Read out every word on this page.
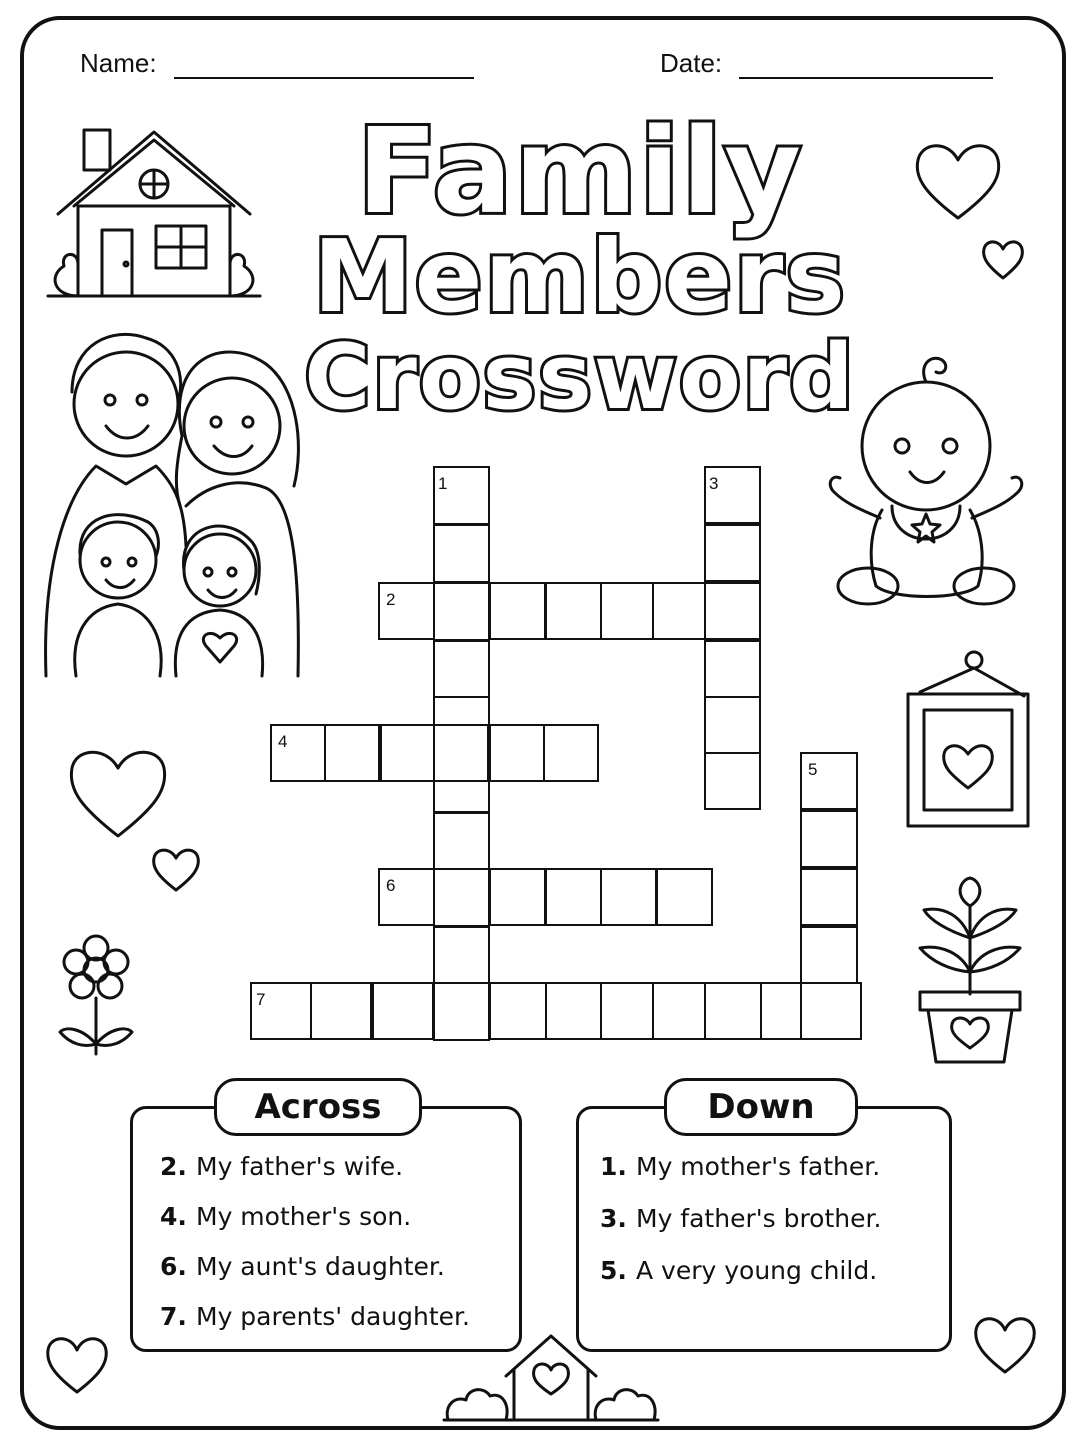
Name:	Date:
Family
Members
Crossword
Across
2. My father's wife.
4. My mother's son.
6. My aunt's daughter.
7. My parents' daughter.
Down
1. My mother's father.
3. My father's brother.
5. A very young child.
1
2
3
4
5
6
7
